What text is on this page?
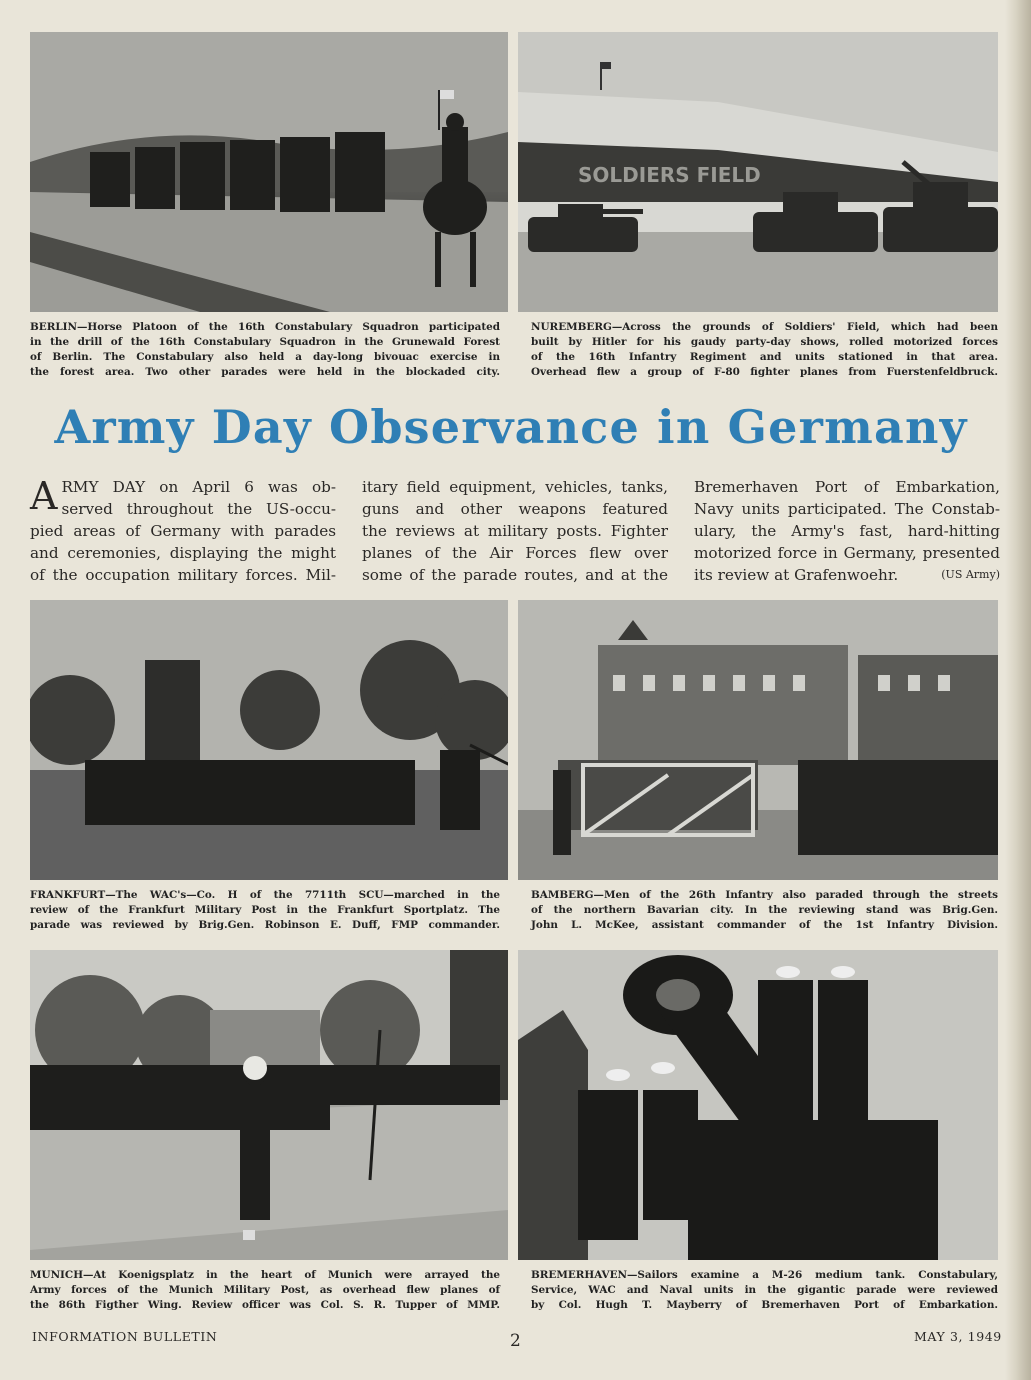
BERLIN—Horse Platoon of the 16th Constabulary Squadron participated
in the drill of the 16th Constabulary Squadron in the Grunewald Forest
of Berlin. The Constabulary also held a day-long bivouac exercise in
the forest area. Two other parades were held in the blockaded city.
SOLDIERS FIELD
NUREMBERG—Across the grounds of Soldiers' Field, which had been
built by Hitler for his gaudy party-day shows, rolled motorized forces
of the 16th Infantry Regiment and units stationed in that area.
Overhead flew a group of F-80 fighter planes from Fuerstenfeldbruck.
Army Day Observance in Germany
A RMY DAY on April 6 was ob-
served throughout the US-occu-
pied areas of Germany with parades
and ceremonies, displaying the might
of the occupation military forces. Mil-
itary field equipment, vehicles, tanks,
guns and other weapons featured
the reviews at military posts. Fighter
planes of the Air Forces flew over
some of the parade routes, and at the
Bremerhaven Port of Embarkation,
Navy units participated. The Constab-
ulary, the Army's fast, hard-hitting
motorized force in Germany, presented
its review at Grafenwoehr.	(US Army)
FRANKFURT—The WAC's—Co. H of the 7711th SCU—marched in the
review of the Frankfurt Military Post in the Frankfurt Sportplatz. The
parade was reviewed by Brig.Gen. Robinson E. Duff, FMP commander.
BAMBERG—Men of the 26th Infantry also paraded through the streets
of the northern Bavarian city. In the reviewing stand was Brig.Gen.
John L. McKee, assistant commander of the 1st Infantry Division.
MUNICH—At Koenigsplatz in the heart of Munich were arrayed the
Army forces of the Munich Military Post, as overhead flew planes of
the 86th Figther Wing. Review officer was Col. S. R. Tupper of MMP.
BREMERHAVEN—Sailors examine a M-26 medium tank. Constabulary,
Service, WAC and Naval units in the gigantic parade were reviewed
by Col. Hugh T. Mayberry of Bremerhaven Port of Embarkation.
INFORMATION BULLETIN	2	MAY 3, 1949
